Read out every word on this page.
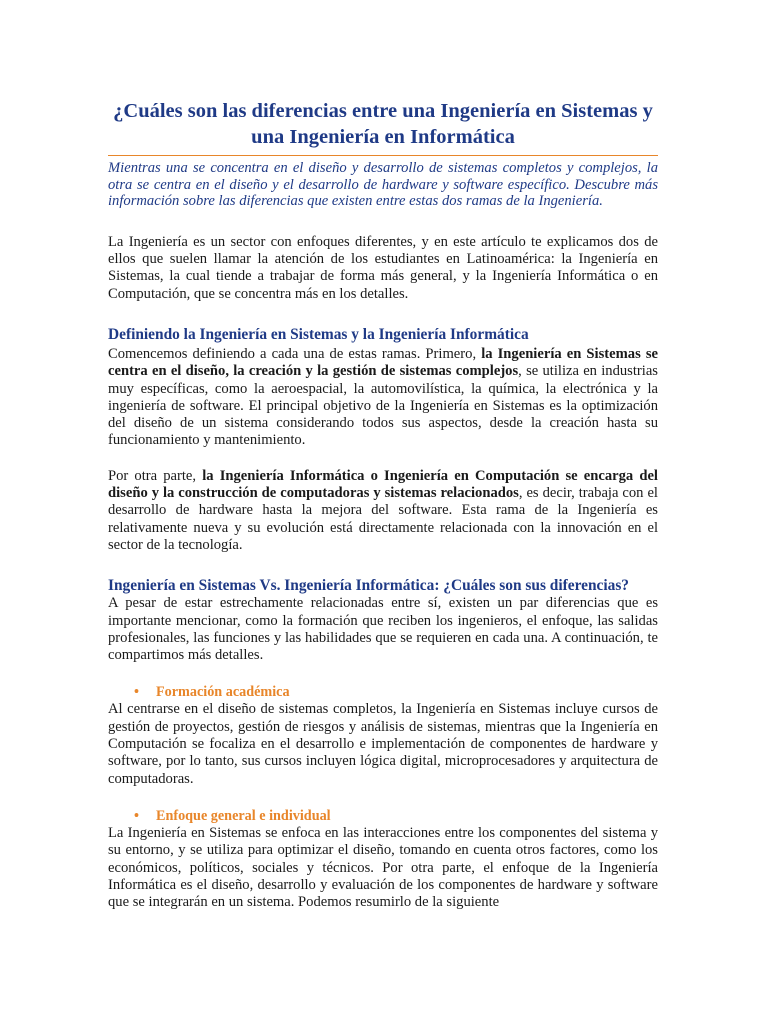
¿Cuáles son las diferencias entre una Ingeniería en Sistemas y una Ingeniería en Informática

Mientras una se concentra en el diseño y desarrollo de sistemas completos y complejos, la otra se centra en el diseño y el desarrollo de hardware y software específico. Descubre más información sobre las diferencias que existen entre estas dos ramas de la Ingeniería.

La Ingeniería es un sector con enfoques diferentes, y en este artículo te explicamos dos de ellos que suelen llamar la atención de los estudiantes en Latinoamérica: la Ingeniería en Sistemas, la cual tiende a trabajar de forma más general, y la Ingeniería Informática o en Computación, que se concentra más en los detalles.

Definiendo la Ingeniería en Sistemas y la Ingeniería Informática

Comencemos definiendo a cada una de estas ramas. Primero, la Ingeniería en Sistemas se centra en el diseño, la creación y la gestión de sistemas complejos, se utiliza en industrias muy específicas, como la aeroespacial, la automovilística, la química, la electrónica y la ingeniería de software. El principal objetivo de la Ingeniería en Sistemas es la optimización del diseño de un sistema considerando todos sus aspectos, desde la creación hasta su funcionamiento y mantenimiento.

Por otra parte, la Ingeniería Informática o Ingeniería en Computación se encarga del diseño y la construcción de computadoras y sistemas relacionados, es decir, trabaja con el desarrollo de hardware hasta la mejora del software. Esta rama de la Ingeniería es relativamente nueva y su evolución está directamente relacionada con la innovación en el sector de la tecnología.

Ingeniería en Sistemas Vs. Ingeniería Informática: ¿Cuáles son sus diferencias?

A pesar de estar estrechamente relacionadas entre sí, existen un par diferencias que es importante mencionar, como la formación que reciben los ingenieros, el enfoque, las salidas profesionales, las funciones y las habilidades que se requieren en cada una. A continuación, te compartimos más detalles.

• Formación académica

Al centrarse en el diseño de sistemas completos, la Ingeniería en Sistemas incluye cursos de gestión de proyectos, gestión de riesgos y análisis de sistemas, mientras que la Ingeniería en Computación se focaliza en el desarrollo e implementación de componentes de hardware y software, por lo tanto, sus cursos incluyen lógica digital, microprocesadores y arquitectura de computadoras.

• Enfoque general e individual

La Ingeniería en Sistemas se enfoca en las interacciones entre los componentes del sistema y su entorno, y se utiliza para optimizar el diseño, tomando en cuenta otros factores, como los económicos, políticos, sociales y técnicos. Por otra parte, el enfoque de la Ingeniería Informática es el diseño, desarrollo y evaluación de los componentes de hardware y software que se integrarán en un sistema. Podemos resumirlo de la siguiente
